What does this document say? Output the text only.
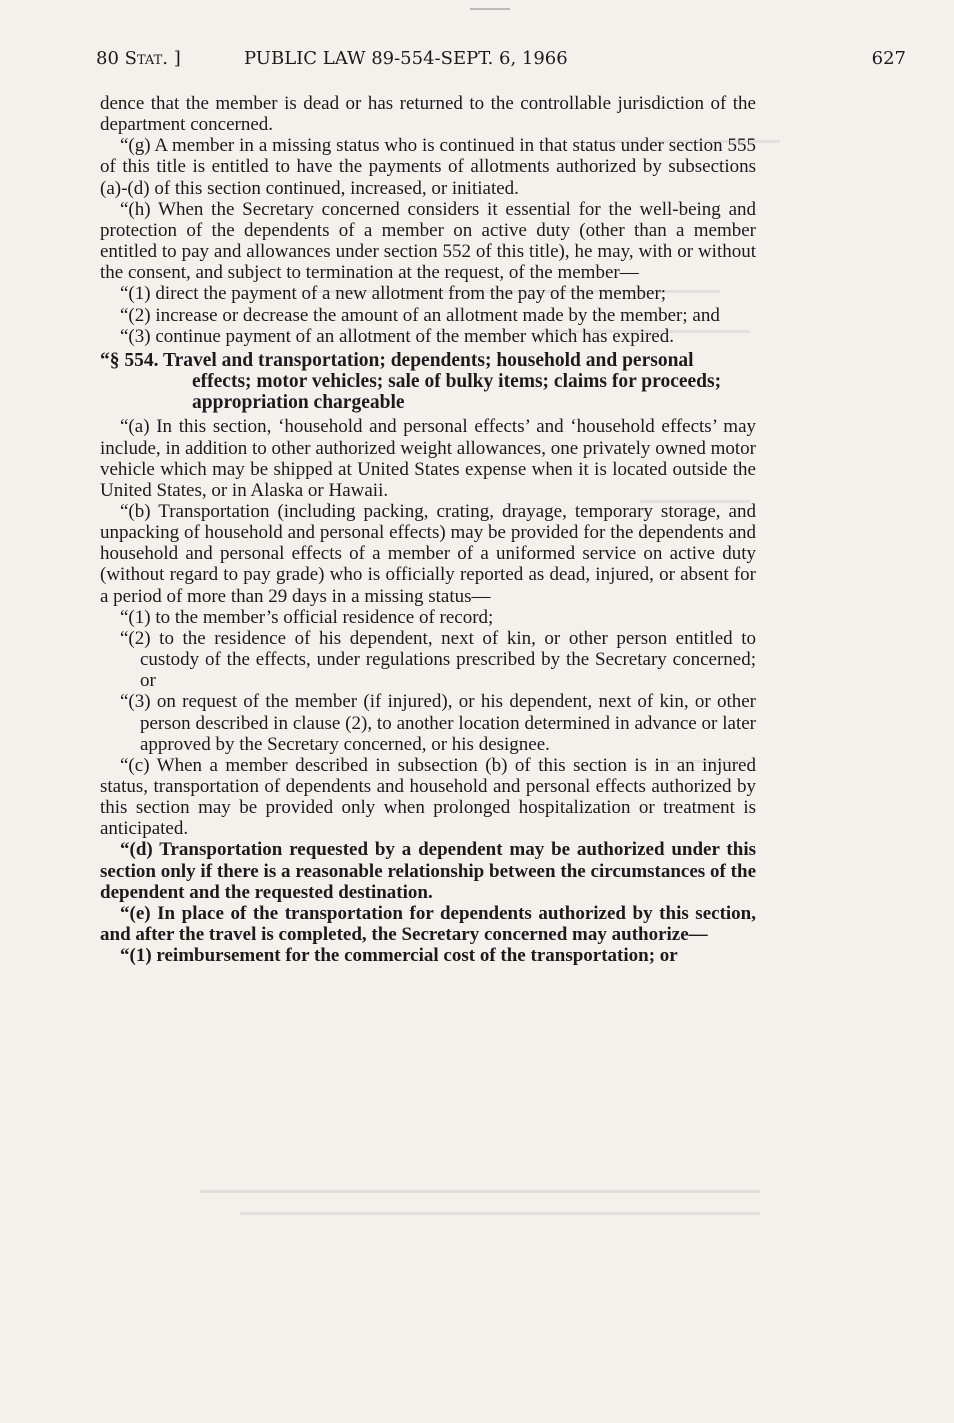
80 Stat. ]	PUBLIC LAW 89-554-SEPT. 6, 1966	627

dence that the member is dead or has returned to the controllable jurisdiction of the department concerned.

“(g) A member in a missing status who is continued in that status under section 555 of this title is entitled to have the payments of allotments authorized by subsections (a)-(d) of this section continued, increased, or initiated.

“(h) When the Secretary concerned considers it essential for the well-being and protection of the dependents of a member on active duty (other than a member entitled to pay and allowances under section 552 of this title), he may, with or without the consent, and subject to termination at the request, of the member—

“(1) direct the payment of a new allotment from the pay of the member;

“(2) increase or decrease the amount of an allotment made by the member; and

“(3) continue payment of an allotment of the member which has expired.

“§ 554. Travel and transportation; dependents; household and personal effects; motor vehicles; sale of bulky items; claims for proceeds; appropriation chargeable

“(a) In this section, ‘household and personal effects’ and ‘household effects’ may include, in addition to other authorized weight allowances, one privately owned motor vehicle which may be shipped at United States expense when it is located outside the United States, or in Alaska or Hawaii.

“(b) Transportation (including packing, crating, drayage, temporary storage, and unpacking of household and personal effects) may be provided for the dependents and household and personal effects of a member of a uniformed service on active duty (without regard to pay grade) who is officially reported as dead, injured, or absent for a period of more than 29 days in a missing status—

“(1) to the member’s official residence of record;

“(2) to the residence of his dependent, next of kin, or other person entitled to custody of the effects, under regulations prescribed by the Secretary concerned; or

“(3) on request of the member (if injured), or his dependent, next of kin, or other person described in clause (2), to another location determined in advance or later approved by the Secretary concerned, or his designee.

“(c) When a member described in subsection (b) of this section is in an injured status, transportation of dependents and household and personal effects authorized by this section may be provided only when prolonged hospitalization or treatment is anticipated.

“(d) Transportation requested by a dependent may be authorized under this section only if there is a reasonable relationship between the circumstances of the dependent and the requested destination.

“(e) In place of the transportation for dependents authorized by this section, and after the travel is completed, the Secretary concerned may authorize—

“(1) reimbursement for the commercial cost of the transportation; or
